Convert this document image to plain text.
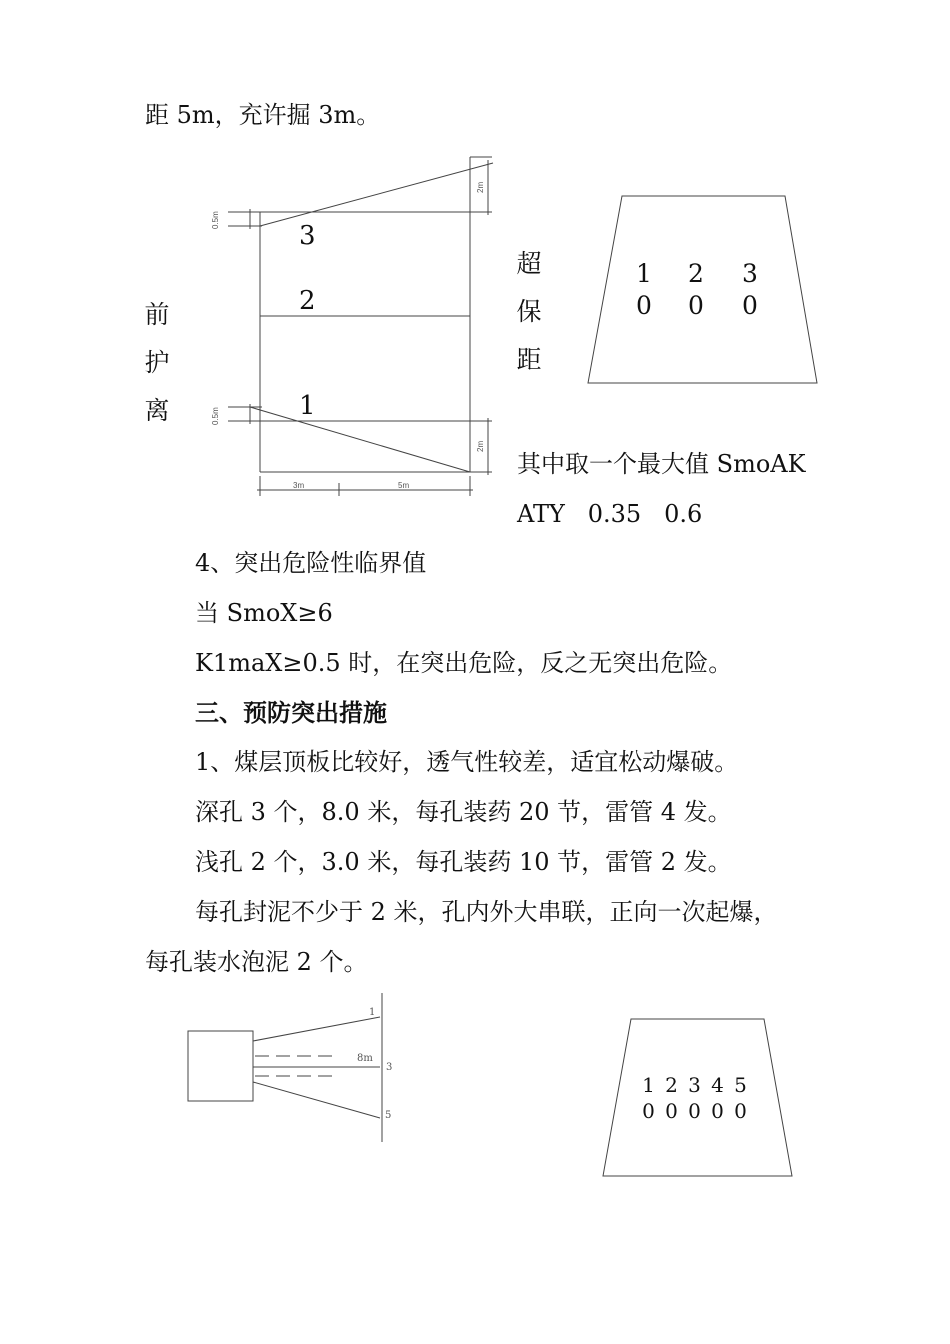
距 5m，充许掘 3m。
前
护
离
超
保
距
3
2
1
其中取一个最大值 SmoAK
ATY   0.35   0.6
4、突出危险性临界值
当 SmoX≥6
K1maX≥0.5 时，在突出危险，反之无突出危险。
三、预防突出措施
1、煤层顶板比较好，透气性较差，适宜松动爆破。
深孔 3 个，8.0 米，每孔装药 20 节，雷管 4 发。
浅孔 2 个，3.0 米，每孔装药 10 节，雷管 2 发。
每孔封泥不少于 2 米，孔内外大串联，正向一次起爆，
每孔装水泡泥 2 个。
1 2 3
0 0 0
1 2 3 4 5
0 0 0 0 0
0.5m
0.5m
2m
2m
3m	5m
1
3
5
8m
